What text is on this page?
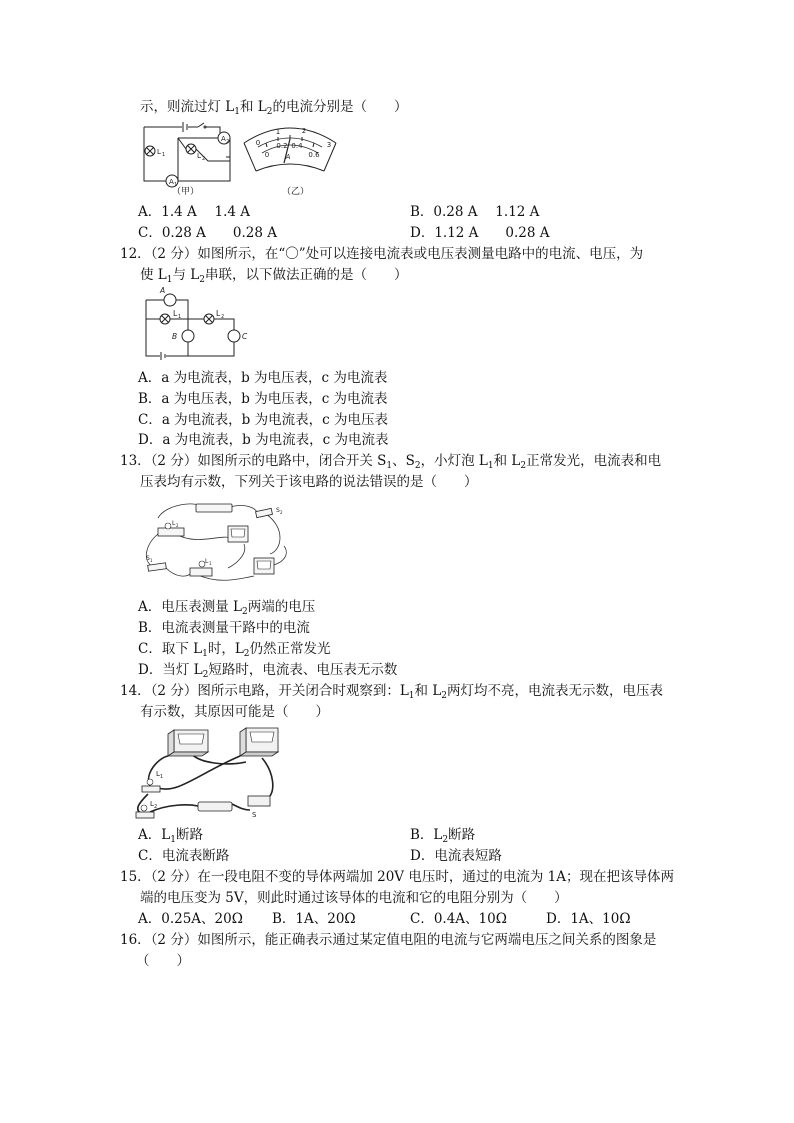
示，则流过灯 $L_1$和 $L_2$的电流分别是（　　）
L 1	L 2
A 2
A 1
（甲）
0
1	2
3
0
0.2 0.4
0.6
A
（乙）
A．1.4 A　 1.4 A	B．0.28 A　 1.12 A
C．0.28 A　　0.28 A	D．1.12 A　　0.28 A
12．（2 分）如图所示，在“〇”处可以连接电流表或电压表测量电路中的电流、电压，为
使 $L_1$与 $L_2$串联，以下做法正确的是（　　）
A
L 1	L 2
B	C
A．a 为电流表，b 为电压表，c 为电流表
B．a 为电压表，b 为电压表，c 为电流表
C．a 为电流表，b 为电流表，c 为电压表
D．a 为电流表，b 为电流表，c 为电流表
13．（2 分）如图所示的电路中，闭合开关 $S_1$、$S_2$，小灯泡 $L_1$和 $L_2$正常发光，电流表和电
压表均有示数，下列关于该电路的说法错误的是（　　）
L 2
L 1
S 1
S 2
A．电压表测量 $L_2$两端的电压
B．电流表测量干路中的电流
C．取下 $L_1$时，$L_2$仍然正常发光
D．当灯 $L_2$短路时，电流表、电压表无示数
14．（2 分）图所示电路，开关闭合时观察到：$L_1$和 $L_2$两灯均不亮，电流表无示数，电压表
有示数，其原因可能是（　　）
L 1
L 2
S
A．$L_1$断路	B．$L_2$断路
C．电流表断路	D．电流表短路
15．（2 分）在一段电阻不变的导体两端加 20V 电压时，通过的电流为 1A；现在把该导体两
端的电压变为 5V，则此时通过该导体的电流和它的电阻分别为（　　）
A．0.25A、20Ω B．1A、20Ω	C．0.4A、10Ω	D．1A、10Ω
16．（2 分）如图所示，能正确表示通过某定值电阻的电流与它两端电压之间关系的图象是
（　　）
